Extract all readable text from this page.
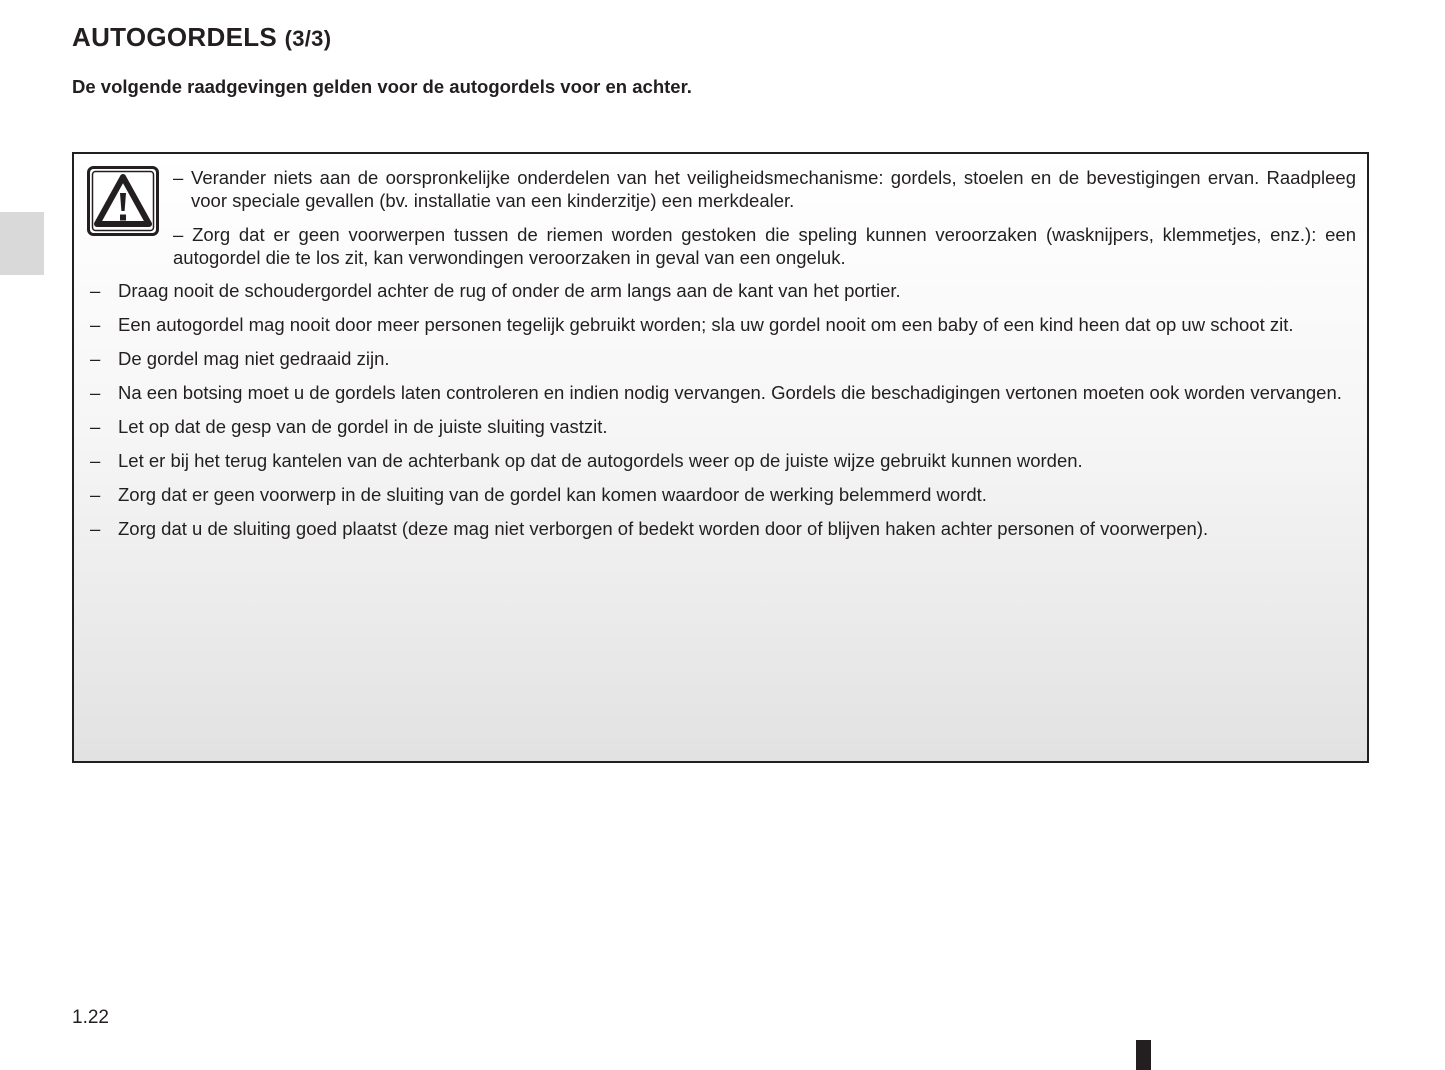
AUTOGORDELS (3/3)
De volgende raadgevingen gelden voor de autogordels voor en achter.
– Verander niets aan de oorspronkelijke onderdelen van het veiligheidsmechanisme: gordels, stoelen en de bevestigingen ervan. Raadpleeg voor speciale gevallen (bv. installatie van een kinderzitje) een merkdealer.
– Zorg dat er geen voorwerpen tussen de riemen worden gestoken die speling kunnen veroorzaken (wasknijpers, klemmetjes, enz.): een autogordel die te los zit, kan verwondingen veroorzaken in geval van een ongeluk.
– Draag nooit de schoudergordel achter de rug of onder de arm langs aan de kant van het portier.
– Een autogordel mag nooit door meer personen tegelijk gebruikt worden; sla uw gordel nooit om een baby of een kind heen dat op uw schoot zit.
– De gordel mag niet gedraaid zijn.
– Na een botsing moet u de gordels laten controleren en indien nodig vervangen. Gordels die beschadigingen vertonen moeten ook worden vervangen.
– Let op dat de gesp van de gordel in de juiste sluiting vastzit.
– Let er bij het terug kantelen van de achterbank op dat de autogordels weer op de juiste wijze gebruikt kunnen worden.
– Zorg dat er geen voorwerp in de sluiting van de gordel kan komen waardoor de werking belemmerd wordt.
– Zorg dat u de sluiting goed plaatst (deze mag niet verborgen of bedekt worden door of blijven haken achter personen of voorwerpen).
1.22
